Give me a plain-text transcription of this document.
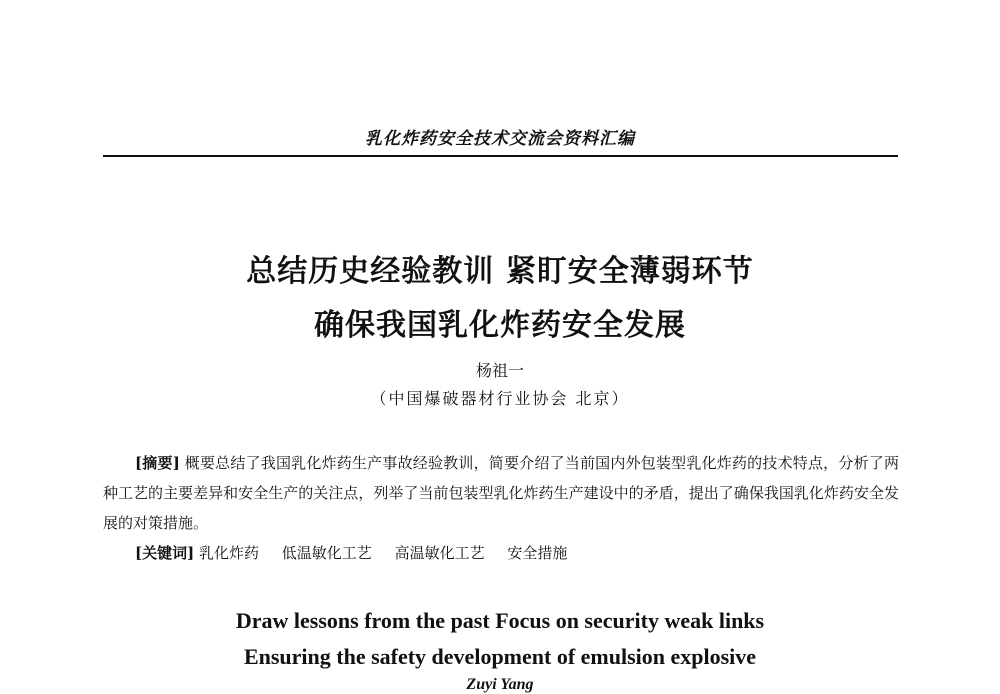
乳化炸药安全技术交流会资料汇编
总结历史经验教训 紧盯安全薄弱环节
确保我国乳化炸药安全发展
杨祖一
（中国爆破器材行业协会 北京）

[摘要] 概要总结了我国乳化炸药生产事故经验教训，简要介绍了当前国内外包装型乳化炸药的技术特点，分析了两种工艺的主要差异和安全生产的关注点，列举了当前包装型乳化炸药生产建设中的矛盾，提出了确保我国乳化炸药安全发展的对策措施。

[关键词] 乳化炸药 低温敏化工艺 高温敏化工艺 安全措施

Draw lessons from the past Focus on security weak links
Ensuring the safety development of emulsion explosive
Zuyi Yang
